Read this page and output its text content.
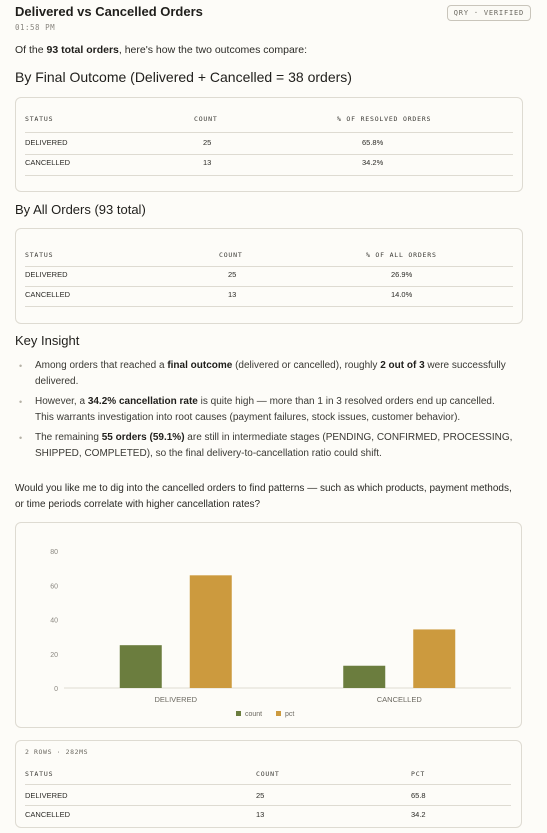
Delivered vs Cancelled Orders
01:58 PM
QRY · VERIFIED
Of the 93 total orders, here's how the two outcomes compare:
By Final Outcome (Delivered + Cancelled = 38 orders)
STATUS	COUNT	% OF RESOLVED ORDERS
DELIVERED	25	65.8%
CANCELLED	13	34.2%
By All Orders (93 total)
STATUS	COUNT	% OF ALL ORDERS
DELIVERED	25	26.9%
CANCELLED	13	14.0%
Key Insight
• Among orders that reached a final outcome (delivered or cancelled), roughly 2 out of 3 were successfully delivered.
• However, a 34.2% cancellation rate is quite high — more than 1 in 3 resolved orders end up cancelled. This warrants investigation into root causes (payment failures, stock issues, customer behavior).
• The remaining 55 orders (59.1%) are still in intermediate stages (PENDING, CONFIRMED, PROCESSING, SHIPPED, COMPLETED), so the final delivery-to-cancellation ratio could shift.
Would you like me to dig into the cancelled orders to find patterns — such as which products, payment methods, or time periods correlate with higher cancellation rates?
0
20
40
60
80
DELIVERED	CANCELLED
count	pct
2 ROWS · 282MS
STATUS	COUNT	PCT
DELIVERED	25	65.8
CANCELLED	13	34.2
